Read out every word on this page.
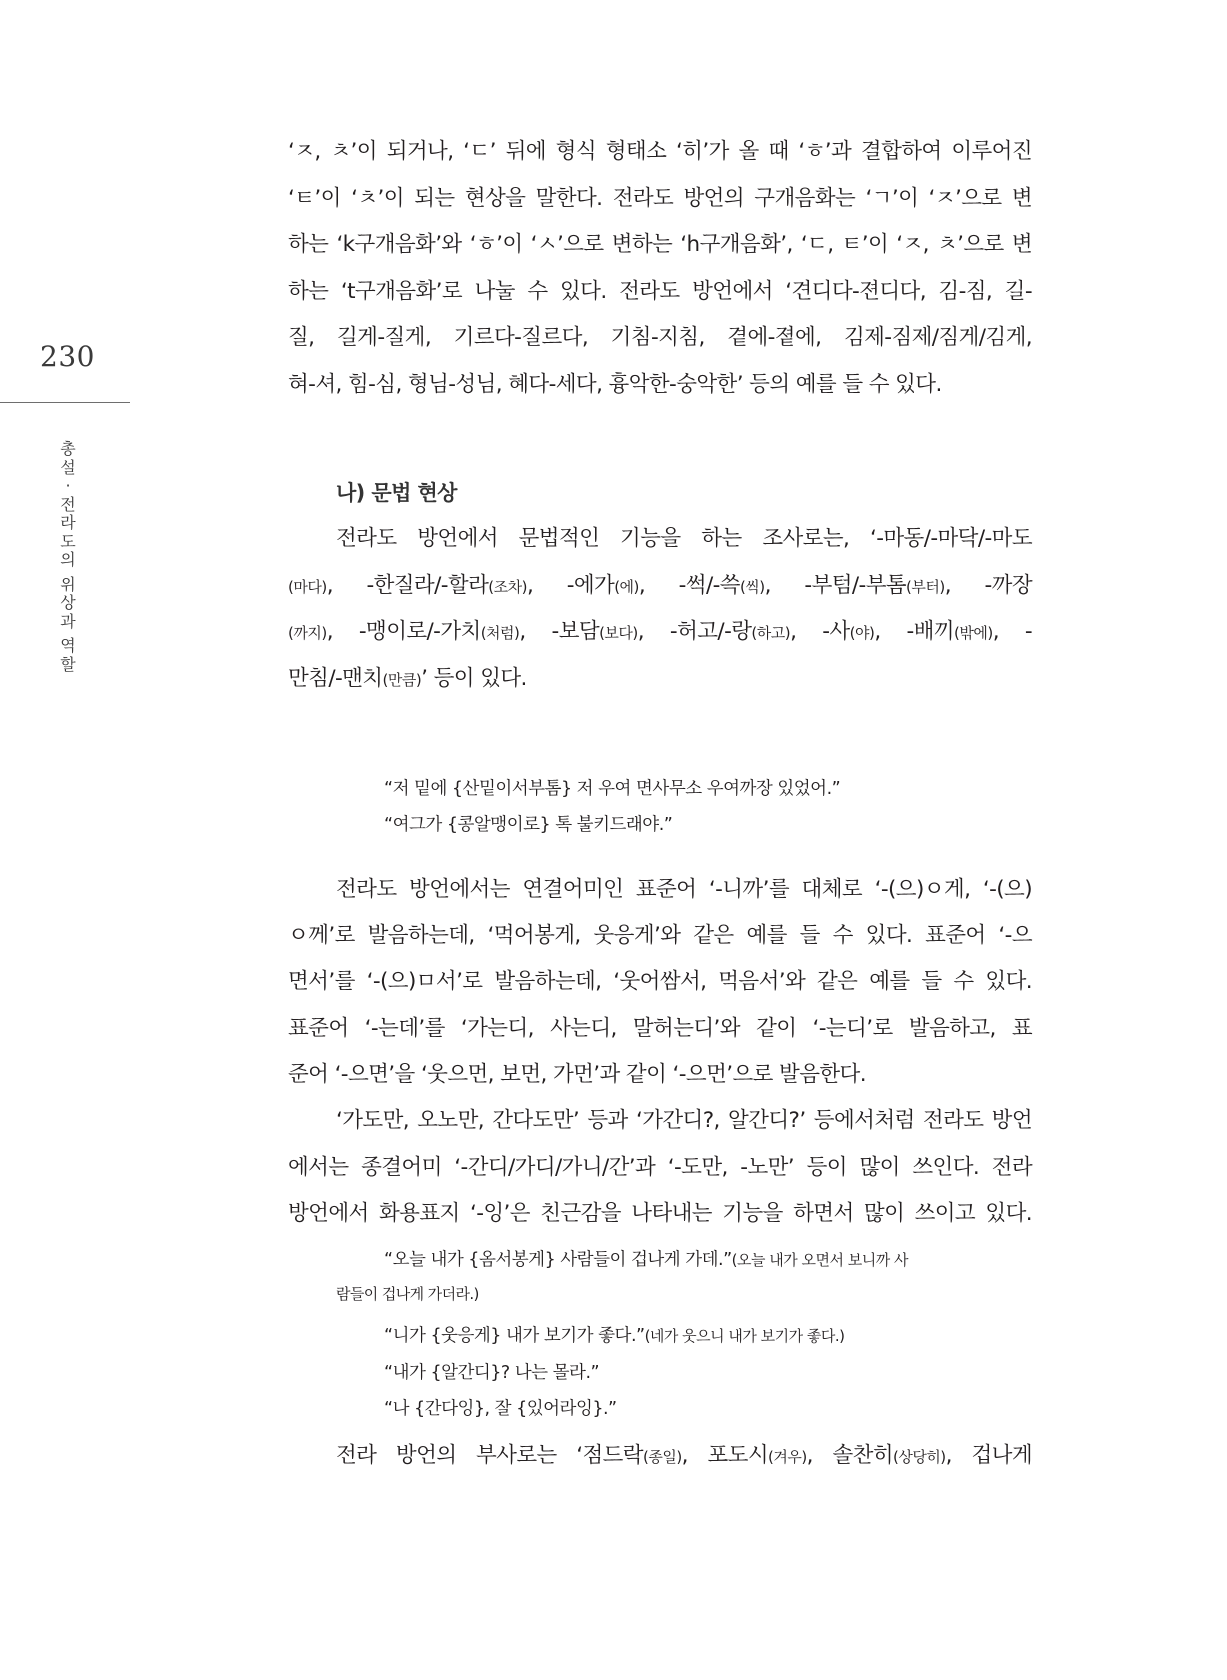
230
총
설
·
전
라
도
의

위
상
과

역
할
‘ㅈ, ㅊ’이 되거나, ‘ㄷ’ 뒤에 형식 형태소 ‘히’가 올 때 ‘ㅎ’과 결합하여 이루어진
‘ㅌ’이 ‘ㅊ’이 되는 현상을 말한다. 전라도 방언의 구개음화는 ‘ㄱ’이 ‘ㅈ’으로 변
하는 ‘k구개음화’와 ‘ㅎ’이 ‘ㅅ’으로 변하는 ‘h구개음화’, ‘ㄷ, ㅌ’이 ‘ㅈ, ㅊ’으로 변
하는 ‘t구개음화’로 나눌 수 있다. 전라도 방언에서 ‘견디다-젼디다, 김-짐, 길-
질, 길게-질게, 기르다-질르다, 기침-지침, 곁에-졑에, 김제-짐제/짐게/김게,
혀-셔, 힘-심, 형님-성님, 혜다-세다, 흉악한-숭악한’ 등의 예를 들 수 있다.
나) 문법 현상
전라도 방언에서 문법적인 기능을 하는 조사로는, ‘-마동/-마닥/-마도
(마다), -한질라/-할라(조차), -에가(에), -썩/-쓱(씩), -부텀/-부톰(부터), -까장
(까지), -맹이로/-가치(처럼), -보담(보다), -허고/-랑(하고), -사(야), -배끼(밖에), -
만침/-맨치(만큼)’ 등이 있다.
“저 밑에 {산밑이서부톰} 저 우여 면사무소 우여까장 있었어.”
“여그가 {콩알맹이로} 톡 불키드래야.”
전라도 방언에서는 연결어미인 표준어 ‘-니까’를 대체로 ‘-(으)ㅇ게, ‘-(으)
ㅇ께’로 발음하는데, ‘먹어봉게, 웃응게’와 같은 예를 들 수 있다. 표준어 ‘-으
면서’를 ‘-(으)ㅁ서’로 발음하는데, ‘웃어쌈서, 먹음서’와 같은 예를 들 수 있다.
표준어 ‘-는데’를 ‘가는디, 사는디, 말허는디’와 같이 ‘-는디’로 발음하고, 표
준어 ‘-으면’을 ‘웃으먼, 보먼, 가먼’과 같이 ‘-으먼’으로 발음한다.
‘가도만, 오노만, 간다도만’ 등과 ‘가간디?, 알간디?’ 등에서처럼 전라도 방언
에서는 종결어미 ‘-간디/가디/가니/간’과 ‘-도만, -노만’ 등이 많이 쓰인다. 전라
방언에서 화용표지 ‘-잉’은 친근감을 나타내는 기능을 하면서 많이 쓰이고 있다.
“오늘 내가 {옴서봉게} 사람들이 겁나게 가데.”(오늘 내가 오면서 보니까 사
람들이 겁나게 가더라.)
“니가 {웃응게} 내가 보기가 좋다.”(네가 웃으니 내가 보기가 좋다.)
“내가 {알간디}? 나는 몰라.”
“나 {간다잉}, 잘 {있어라잉}.”
전라 방언의 부사로는 ‘점드락(종일), 포도시(겨우), 솔찬히(상당히), 겁나게
